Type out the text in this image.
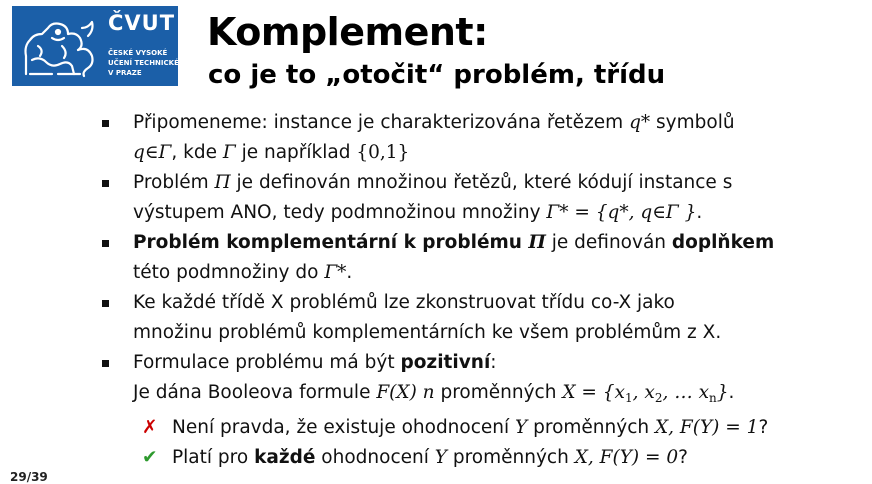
ČVUT
ČESKÉ VYSOKÉ
UČENÍ TECHNICKÉ
V PRAZE
Komplement:
co je to „otočit“ problém, třídu
Připomeneme: instance je charakterizována řetězem q* symbolů
q∈Γ, kde Γ je například {0,1}
Problém Π je definován množinou řetězů, které kódují instance s
výstupem ANO, tedy podmnožinou množiny Γ* = {q*, q∈Γ }.
Problém komplementární k problému Π je definován doplňkem
této podmnožiny do Γ*.
Ke každé třídě X problémů lze zkonstruovat třídu co-X jako
množinu problémů komplementárních ke všem problémům z X.
Formulace problému má být pozitivní:
Je dána Booleova formule F(X) n proměnných $X = \{x_1$, $x_2$, … $x_n$}.
✗ Není pravda, že existuje ohodnocení Y proměnných X, F(Y) = 1?
✔ Platí pro každé ohodnocení Y proměnných X, F(Y) = 0?
29/39
